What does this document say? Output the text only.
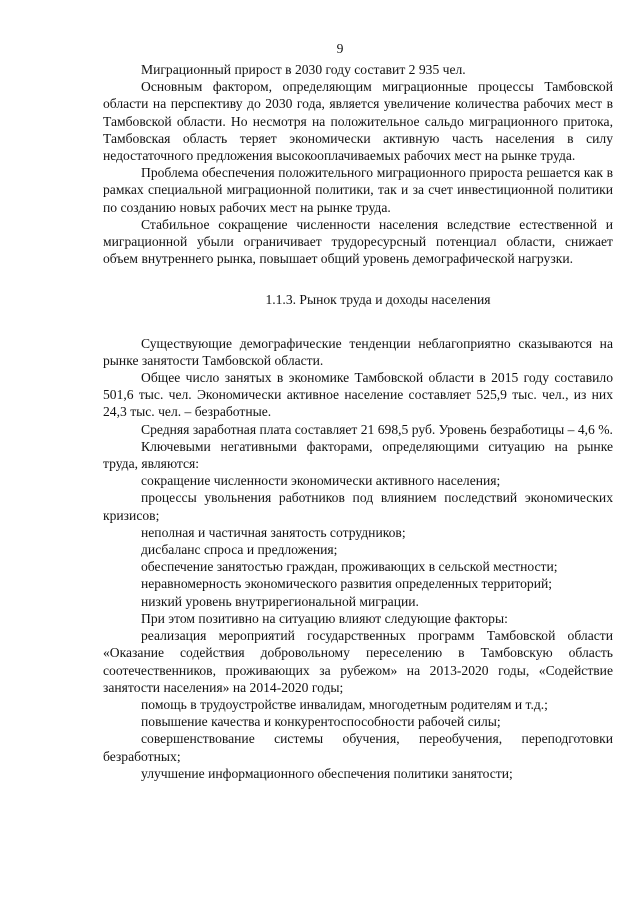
9

Миграционный прирост в 2030 году составит 2 935 чел.

Основным фактором, определяющим миграционные процессы Тамбовской области на перспективу до 2030 года, является увеличение количества рабочих мест в Тамбовской области. Но несмотря на положительное сальдо миграционного притока, Тамбовская область теряет экономически активную часть населения в силу недостаточного предложения высокооплачиваемых рабочих мест на рынке труда.

Проблема обеспечения положительного миграционного прироста решается как в рамках специальной миграционной политики, так и за счет инвестиционной политики по созданию новых рабочих мест на рынке труда.

Стабильное сокращение численности населения вследствие естественной и миграционной убыли ограничивает трудоресурсный потенциал области, снижает объем внутреннего рынка, повышает общий уровень демографической нагрузки.

1.1.3. Рынок труда и доходы населения

Существующие демографические тенденции неблагоприятно сказываются на рынке занятости Тамбовской области.

Общее число занятых в экономике Тамбовской области в 2015 году составило 501,6 тыс. чел. Экономически активное население составляет 525,9 тыс. чел., из них 24,3 тыс. чел. – безработные.

Средняя заработная плата составляет 21 698,5 руб. Уровень безработицы – 4,6 %.

Ключевыми негативными факторами, определяющими ситуацию на рынке труда, являются:

сокращение численности экономически активного населения;

процессы увольнения работников под влиянием последствий экономических кризисов;

неполная и частичная занятость сотрудников;

дисбаланс спроса и предложения;

обеспечение занятостью граждан, проживающих в сельской местности;

неравномерность экономического развития определенных территорий;

низкий уровень внутрирегиональной миграции.

При этом позитивно на ситуацию влияют следующие факторы:

реализация мероприятий государственных программ Тамбовской области «Оказание содействия добровольному переселению в Тамбовскую область соотечественников, проживающих за рубежом» на 2013-2020 годы, «Содействие занятости населения» на 2014-2020 годы;

помощь в трудоустройстве инвалидам, многодетным родителям и т.д.;

повышение качества и конкурентоспособности рабочей силы;

совершенствование системы обучения, переобучения, переподготовки безработных;

улучшение информационного обеспечения политики занятости;
